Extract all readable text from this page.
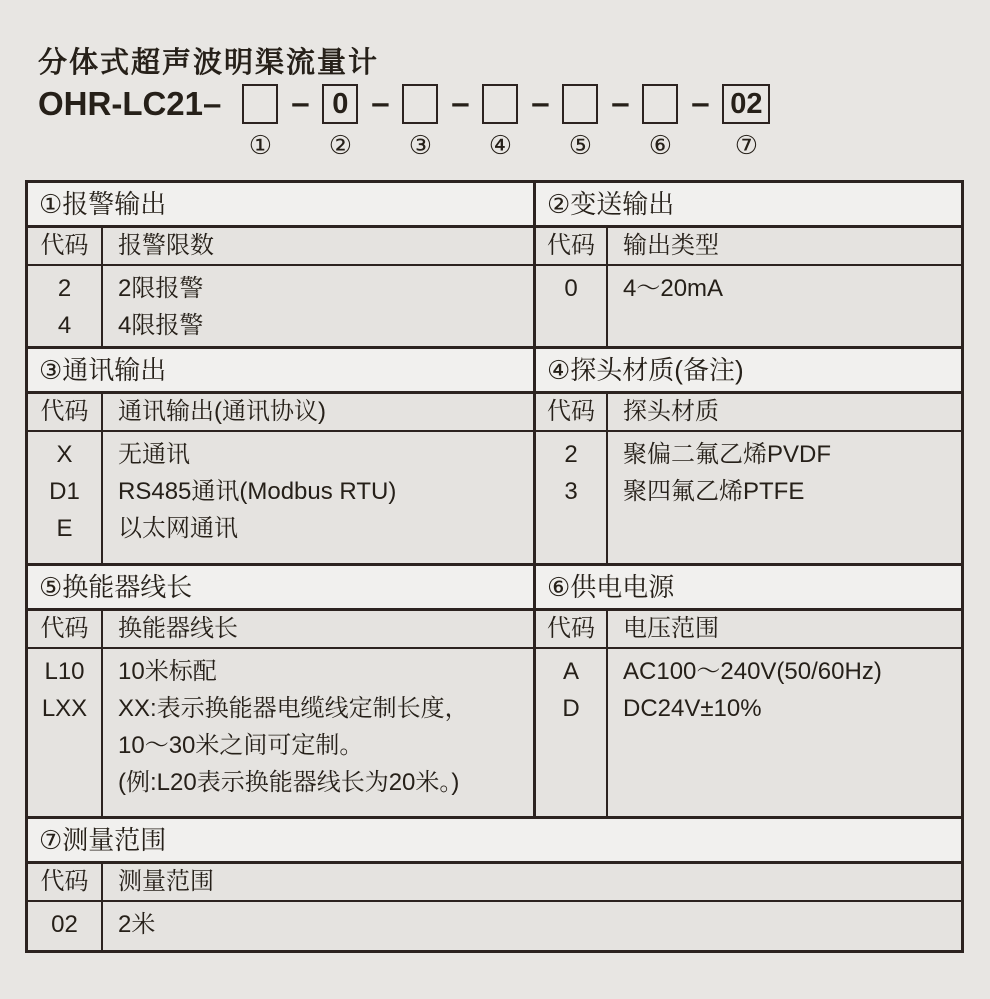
分体式超声波明渠流量计
OHR-LC21–
①
– 0
②
–
③
–
④
–
⑤
–
⑥
– 02
⑦
①报警输出
代码
2
4
报警限数
2限报警
4限报警
②变送输出
代码
0
输出类型
4～20mA
③通讯输出
代码
X
D1
E
通讯输出(通讯协议)
无通讯
RS485通讯(Modbus RTU)
以太网通讯
④探头材质(备注)
代码
2
3
探头材质
聚偏二氟乙烯PVDF
聚四氟乙烯PTFE
⑤换能器线长
代码
L10
LXX
换能器线长
10米标配
XX:表示换能器电缆线定制长度，
10～30米之间可定制。
(例:L20表示换能器线长为20米。)
⑥供电电源
代码
A
D
电压范围
AC100～240V(50/60Hz)
DC24V±10%
⑦测量范围
代码
02
测量范围
2米
